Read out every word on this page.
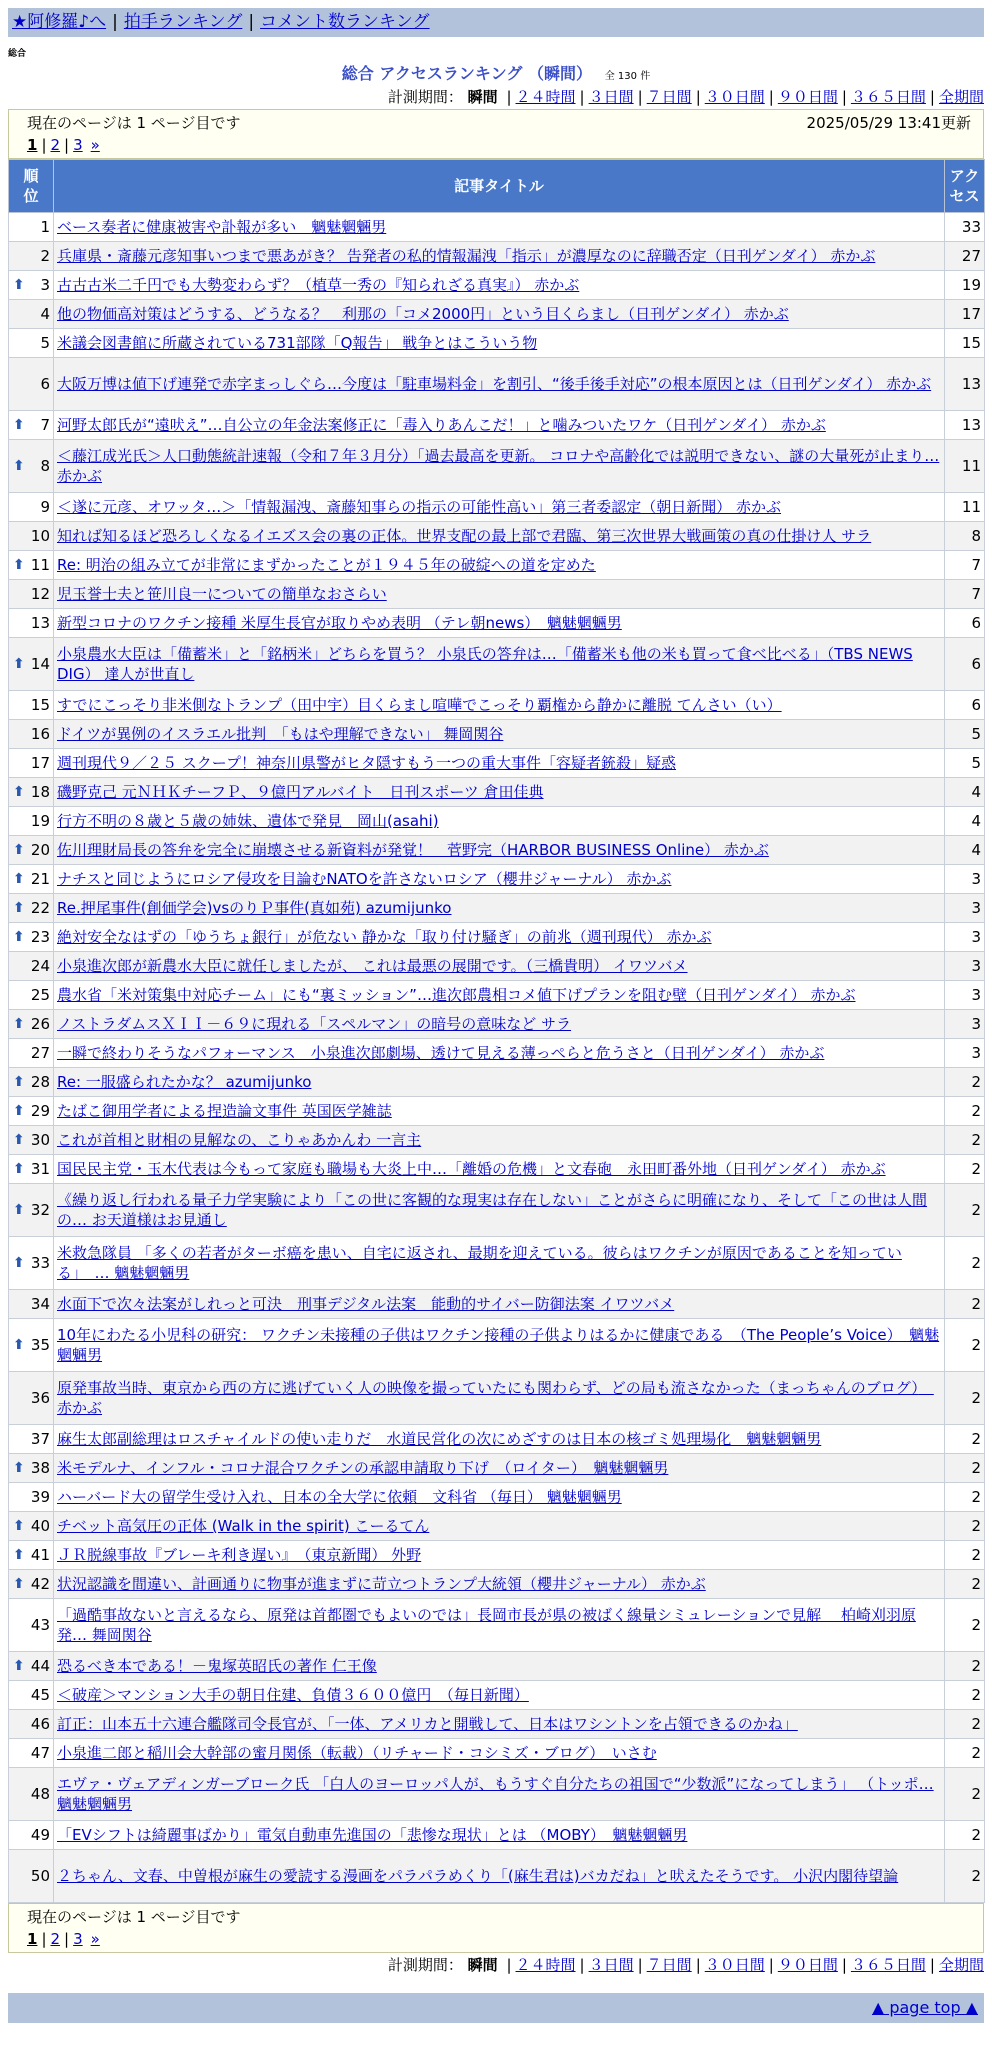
★阿修羅♪へ | 拍手ランキング | コメント数ランキング
総合
総合 アクセスランキング （瞬間） 全 130 件
計測期間： 瞬間 | ２４時間 | ３日間 | ７日間 | ３０日間 | ９０日間 | ３６５日間 | 全期間
現在のページは 1 ページ目です	2025/05/29 13:41更新
1 | 2 | 3 »
順位	記事タイトル	アクセス
1	ベース奏者に健康被害や訃報が多い　魑魅魍魎男	33
2	兵庫県・斎藤元彦知事いつまで悪あがき？ 告発者の私的情報漏洩「指示」が濃厚なのに辞職否定（日刊ゲンダイ） 赤かぶ	27

⬆ 3	古古古米二千円でも大勢変わらず？（植草一秀の『知られざる真実』） 赤かぶ	19
4	他の物価高対策はどうする、どうなる？　利那の「コメ2000円」という目くらまし（日刊ゲンダイ） 赤かぶ	17
5	米議会図書館に所蔵されている731部隊「Q報告」 戦争とはこういう物	15
6	大阪万博は値下げ連発で赤字まっしぐら…今度は「駐車場料金」を割引、“後手後手対応”の根本原因とは（日刊ゲンダイ） 赤かぶ	13

⬆ 7	河野太郎氏が“遠吠え”…自公立の年金法案修正に「毒入りあんこだ！」と噛みついたワケ（日刊ゲンダイ） 赤かぶ	13

⬆ 8	＜藤江成光氏＞人口動態統計速報（令和７年３月分）「過去最高を更新。 コロナや高齢化では説明できない、謎の大量死が止まり… 赤かぶ	11
9	＜遂に元彦、オワッタ…＞「情報漏洩、斎藤知事らの指示の可能性高い」第三者委認定（朝日新聞） 赤かぶ	11
10	知れば知るほど恐ろしくなるイエズス会の裏の正体。世界支配の最上部で君臨、第三次世界大戦画策の真の仕掛け人 サラ	8

⬆ 11	Re: 明治の組み立てが非常にまずかったことが１９４５年の破綻への道を定めた	7
12	児玉誉士夫と笹川良一についての簡単なおさらい	7
13	新型コロナのワクチン接種 米厚生長官が取りやめ表明 （テレ朝news）　魑魅魍魎男	6

⬆ 14	小泉農水大臣は「備蓄米」と「銘柄米」どちらを買う？ 小泉氏の答弁は…「備蓄米も他の米も買って食べ比べる」（TBS NEWS DIG） 達人が世直し	6
15	すでにこっそり非米側なトランプ（田中宇）目くらまし喧嘩でこっそり覇権から静かに離脱 てんさい（い）	6
16	ドイツが異例のイスラエル批判　「もはや理解できない」 舞岡関谷	5
17	週刊現代９／２５ スクープ！神奈川県警がヒタ隠すもう一つの重大事件「容疑者銃殺」疑惑	5

⬆ 18	磯野克己 元ＮＨＫチーフＰ、９億円アルバイト　日刊スポーツ 倉田佳典	4
19	行方不明の８歳と５歳の姉妹、遺体で発見　岡山(asahi)	4

⬆ 20	佐川理財局長の答弁を完全に崩壊させる新資料が発覚！　菅野完（HARBOR BUSINESS Online） 赤かぶ	4

⬆ 21	ナチスと同じようにロシア侵攻を目論むNATOを許さないロシア（櫻井ジャーナル） 赤かぶ	3

⬆ 22	Re.押尾事件(創価学会)vsのりＰ事件(真如苑) azumijunko	3

⬆ 23	絶対安全なはずの「ゆうちょ銀行」が危ない 静かな「取り付け騒ぎ」の前兆（週刊現代） 赤かぶ	3
24	小泉進次郎が新農水大臣に就任しましたが、 これは最悪の展開です。（三橋貴明） イワツバメ	3
25	農水省「米対策集中対応チーム」にも“裏ミッション”…進次郎農相コメ値下げプランを阻む壁（日刊ゲンダイ） 赤かぶ	3

⬆ 26	ノストラダムスＸＩＩ－６９に現れる「スペルマン」の暗号の意味など サラ	3
27	一瞬で終わりそうなパフォーマンス　小泉進次郎劇場、透けて見える薄っぺらと危うさと（日刊ゲンダイ） 赤かぶ	3

⬆ 28	Re: 一服盛られたかな？ azumijunko	2

⬆ 29	たばこ御用学者による捏造論文事件 英国医学雑誌	2

⬆ 30	これが首相と財相の見解なの、こりゃあかんわ 一言主	2

⬆ 31	国民民主党・玉木代表は今もって家庭も職場も大炎上中…「離婚の危機」と文春砲　永田町番外地（日刊ゲンダイ） 赤かぶ	2

⬆ 32	《繰り返し行われる量子力学実験により「この世に客観的な現実は存在しない」ことがさらに明確になり、そして「この世は人間の… お天道様はお見通し	2

⬆ 33	米救急隊員 「多くの若者がターボ癌を患い、自宅に返され、最期を迎えている。彼らはワクチンが原因であることを知っている」　… 魑魅魍魎男	2
34	水面下で次々法案がしれっと可決　刑事デジタル法案　能動的サイバー防御法案 イワツバメ	2

⬆ 35	10年にわたる小児科の研究： ワクチン未接種の子供はワクチン接種の子供よりはるかに健康である　（The People’s Voice）　魑魅魍魎男	2
36	原発事故当時、東京から西の方に逃げていく人の映像を撮っていたにも関わらず、どの局も流さなかった（まっちゃんのブログ）　赤かぶ	2
37	麻生太郎副総理はロスチャイルドの使い走りだ　水道民営化の次にめざすのは日本の核ゴミ処理場化　魑魅魍魎男	2

⬆ 38	米モデルナ、インフル・コロナ混合ワクチンの承認申請取り下げ　（ロイター）　魑魅魍魎男	2
39	ハーバード大の留学生受け入れ、日本の全大学に依頼　文科省 （毎日） 魑魅魍魎男	2

⬆ 40	チベット高気圧の正体 (Walk in the spirit) こーるてん	2

⬆ 41	ＪＲ脱線事故『ブレーキ利き遅い』　（東京新聞） 外野	2

⬆ 42	状況認識を間違い、計画通りに物事が進まずに苛立つトランプ大統領（櫻井ジャーナル） 赤かぶ	2
43	「過酷事故ないと言えるなら、原発は首都圏でもよいのでは」長岡市長が県の被ばく線量シミュレーションで見解　 柏崎刈羽原発… 舞岡関谷	2

⬆ 44	恐るべき本である！－鬼塚英昭氏の著作 仁王像	2
45	＜破産＞マンション大手の朝日住建、負債３６００億円　（毎日新聞）	2
46	訂正：山本五十六連合艦隊司令長官が、「一体、アメリカと開戦して、日本はワシントンを占領できるのかね」	2
47	小泉進二郎と稲川会大幹部の蜜月関係（転載）（リチャード・コシミズ・ブログ）　いさむ	2
48	エヴァ・ヴェアディンガーブローク氏 「白人のヨーロッパ人が、もうすぐ自分たちの祖国で“少数派”になってしまう」 （トッポ… 魑魅魍魎男	2
49	「EVシフトは綺麗事ばかり」電気自動車先進国の「悲惨な現状」とは （MOBY）　魑魅魍魎男	2
50	２ちゃん、文春、中曽根が麻生の愛読する漫画をパラパラめくり「(麻生君は)バカだね」と吠えたそうです。 小沢内閣待望論	2
現在のページは 1 ページ目です
1 | 2 | 3 »
計測期間： 瞬間 | ２４時間 | ３日間 | ７日間 | ３０日間 | ９０日間 | ３６５日間 | 全期間
▲ page top ▲
